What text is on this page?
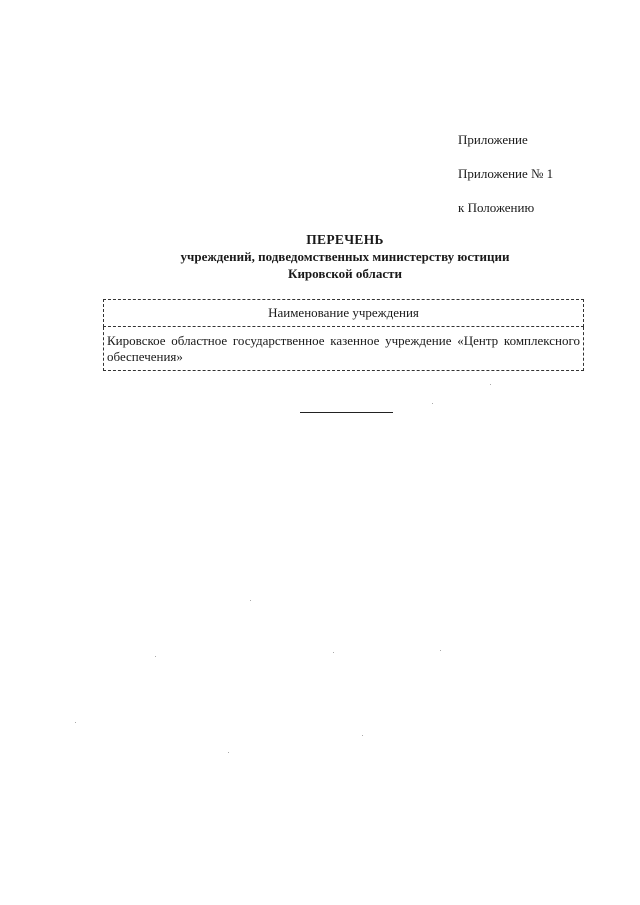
Приложение
Приложение № 1
к Положению
ПЕРЕЧЕНЬ
учреждений, подведомственных министерству юстиции
Кировской области
Наименование учреждения
Кировское областное государственное казенное учреждение «Центр комплексного обеспечения»
